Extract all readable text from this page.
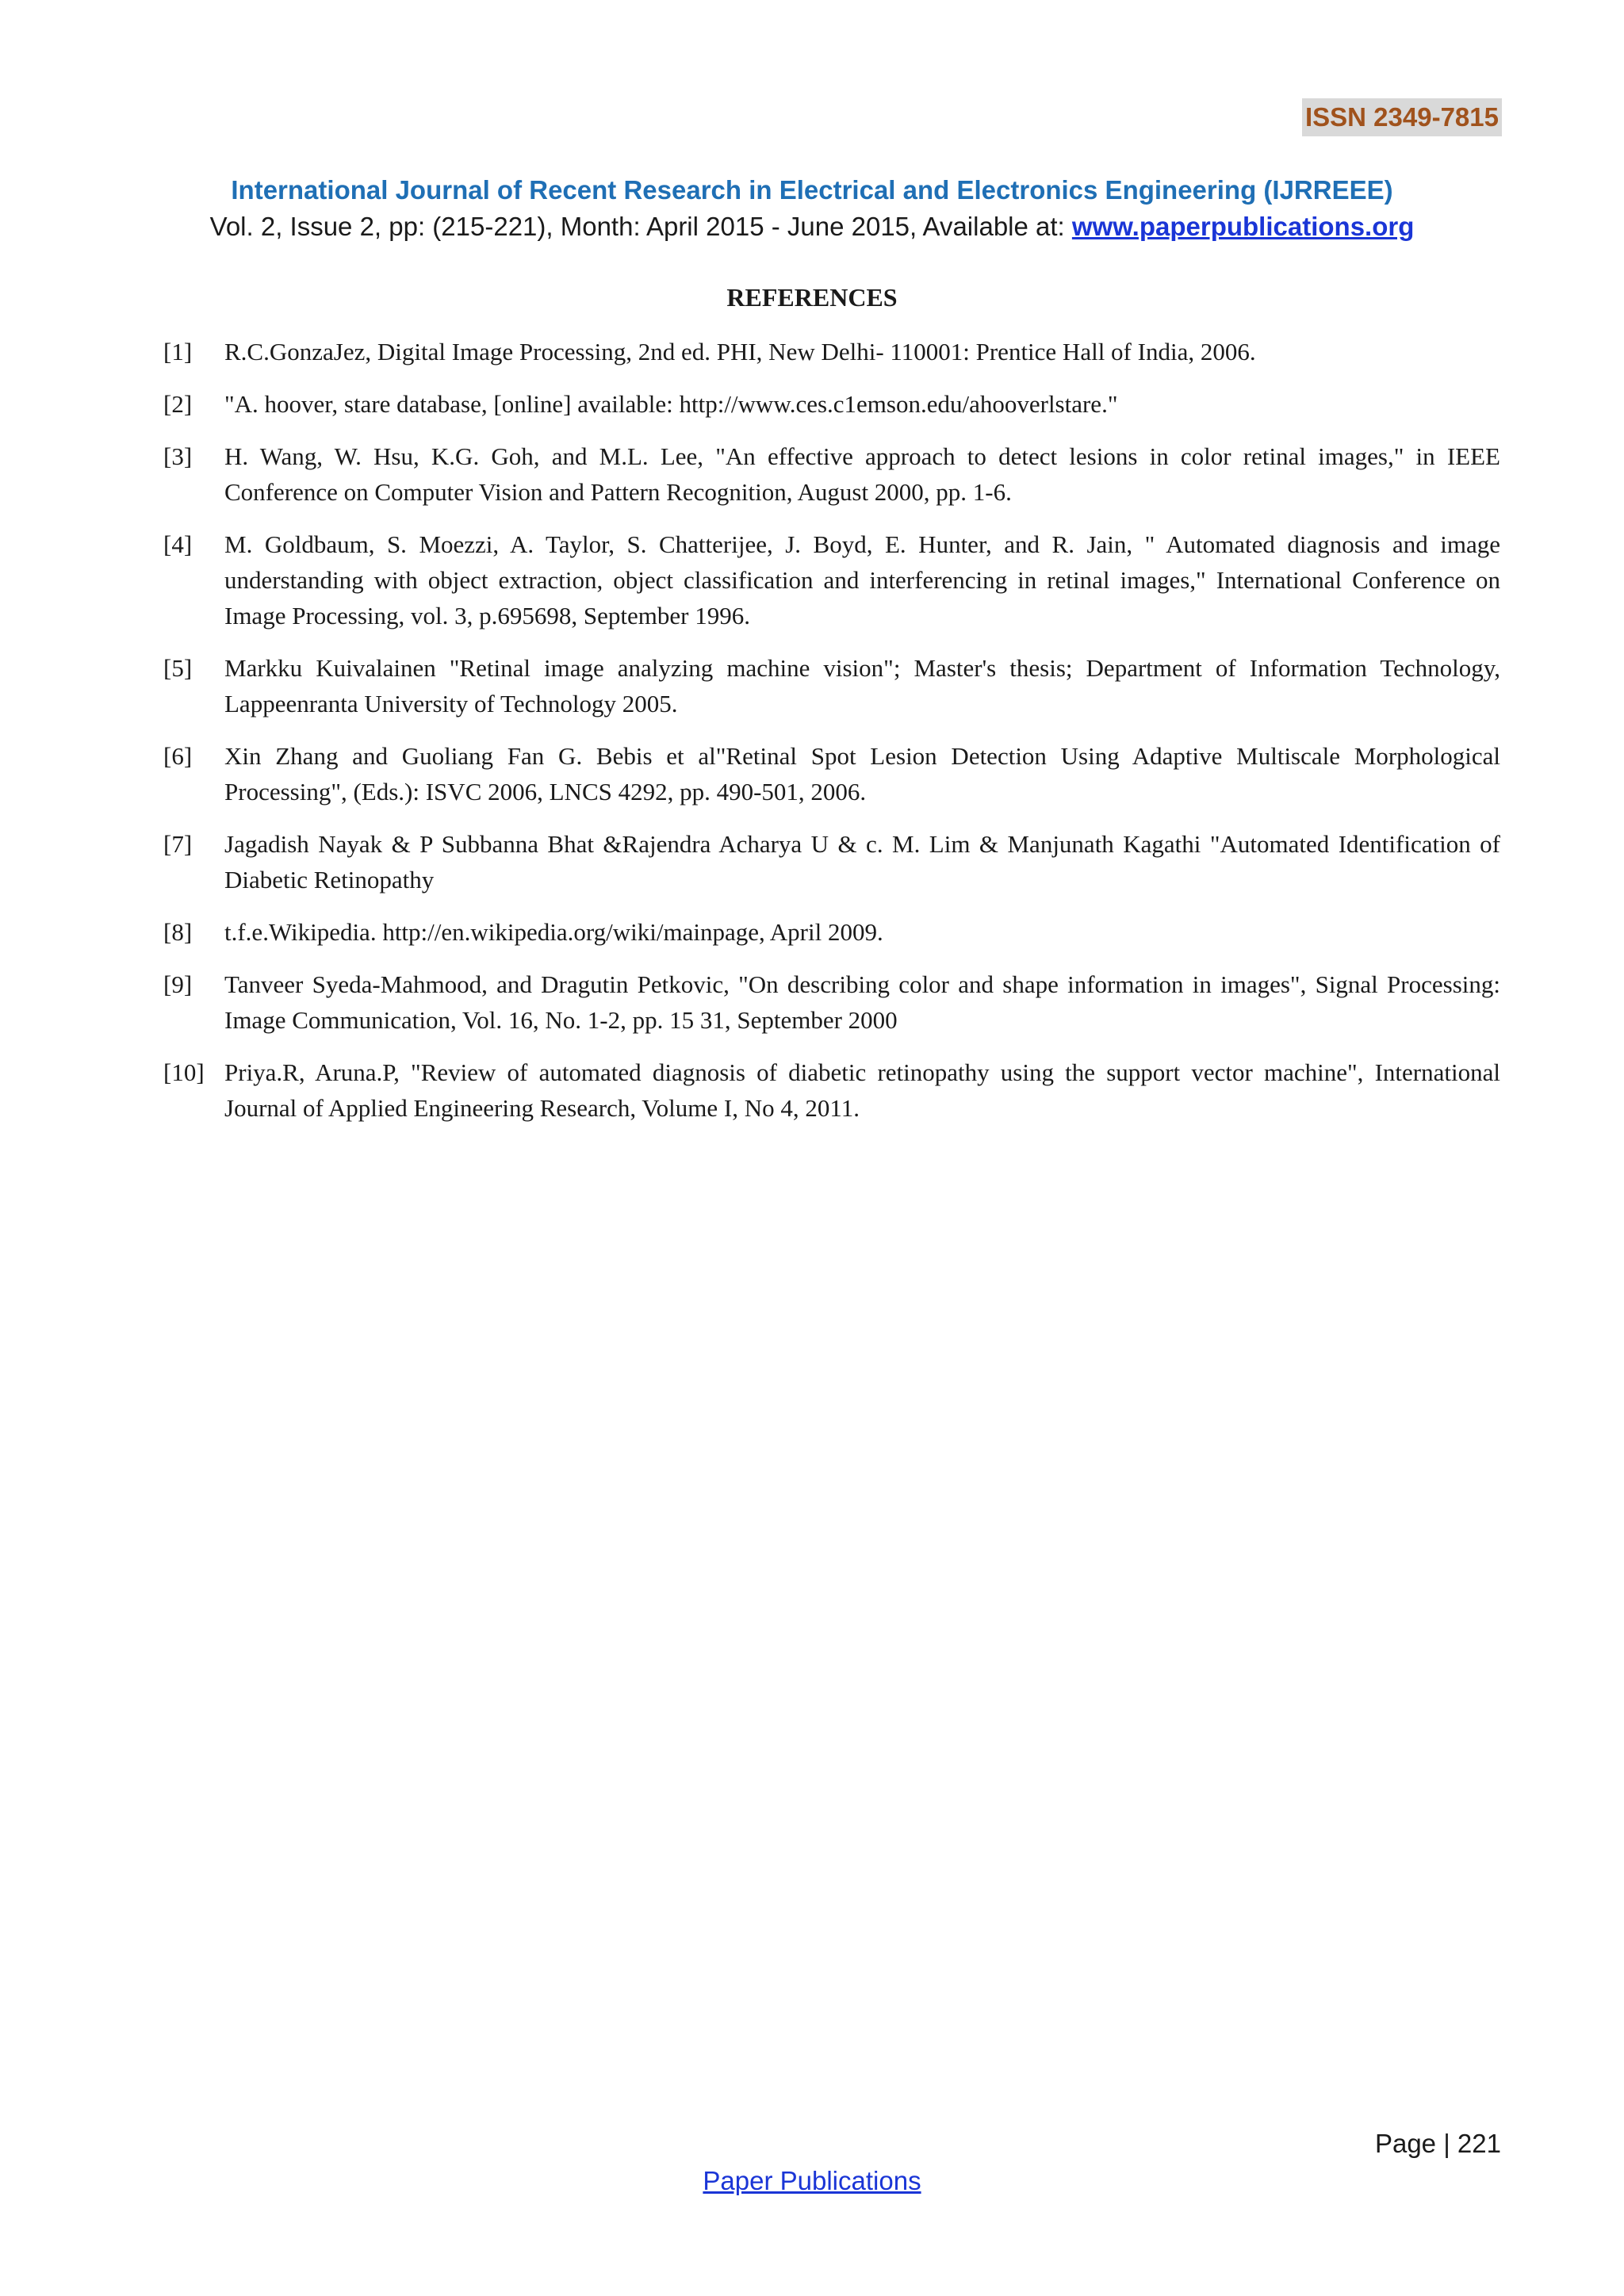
ISSN 2349-7815
International Journal of Recent Research in Electrical and Electronics Engineering (IJRREEE)
Vol. 2, Issue 2, pp: (215-221), Month: April 2015 - June 2015, Available at: www.paperpublications.org
REFERENCES
[1]	R.C.GonzaJez, Digital Image Processing, 2nd ed. PHI, New Delhi- 110001: Prentice Hall of India, 2006.
[2]	"A. hoover, stare database, [online] available: http://www.ces.c1emson.edu/ahooverlstare."
[3]	H. Wang, W. Hsu, K.G. Goh, and M.L. Lee, "An effective approach to detect lesions in color retinal images," in IEEE Conference on Computer Vision and Pattern Recognition, August 2000, pp. 1-6.
[4]	M. Goldbaum, S. Moezzi, A. Taylor, S. Chatterijee, J. Boyd, E. Hunter, and R. Jain, " Automated diagnosis and image understanding with object extraction, object classification and interferencing in retinal images," International Conference on Image Processing, vol. 3, p.695698, September 1996.
[5]	Markku Kuivalainen "Retinal image analyzing machine vision"; Master's thesis; Department of Information Technology, Lappeenranta University of Technology 2005.
[6]	Xin Zhang and Guoliang Fan G. Bebis et al"Retinal Spot Lesion Detection Using Adaptive Multiscale Morphological Processing", (Eds.): ISVC 2006, LNCS 4292, pp. 490-501, 2006.
[7]	Jagadish Nayak & P Subbanna Bhat &Rajendra Acharya U & c. M. Lim & Manjunath Kagathi "Automated Identification of Diabetic Retinopathy
[8]	t.f.e.Wikipedia. http://en.wikipedia.org/wiki/mainpage, April 2009.
[9]	Tanveer Syeda-Mahmood, and Dragutin Petkovic, "On describing color and shape information in images", Signal Processing: Image Communication, Vol. 16, No. 1-2, pp. 15 31, September 2000
[10] Priya.R, Aruna.P, "Review of automated diagnosis of diabetic retinopathy using the support vector machine", International Journal of Applied Engineering Research, Volume I, No 4, 2011.
Page | 221
Paper Publications
